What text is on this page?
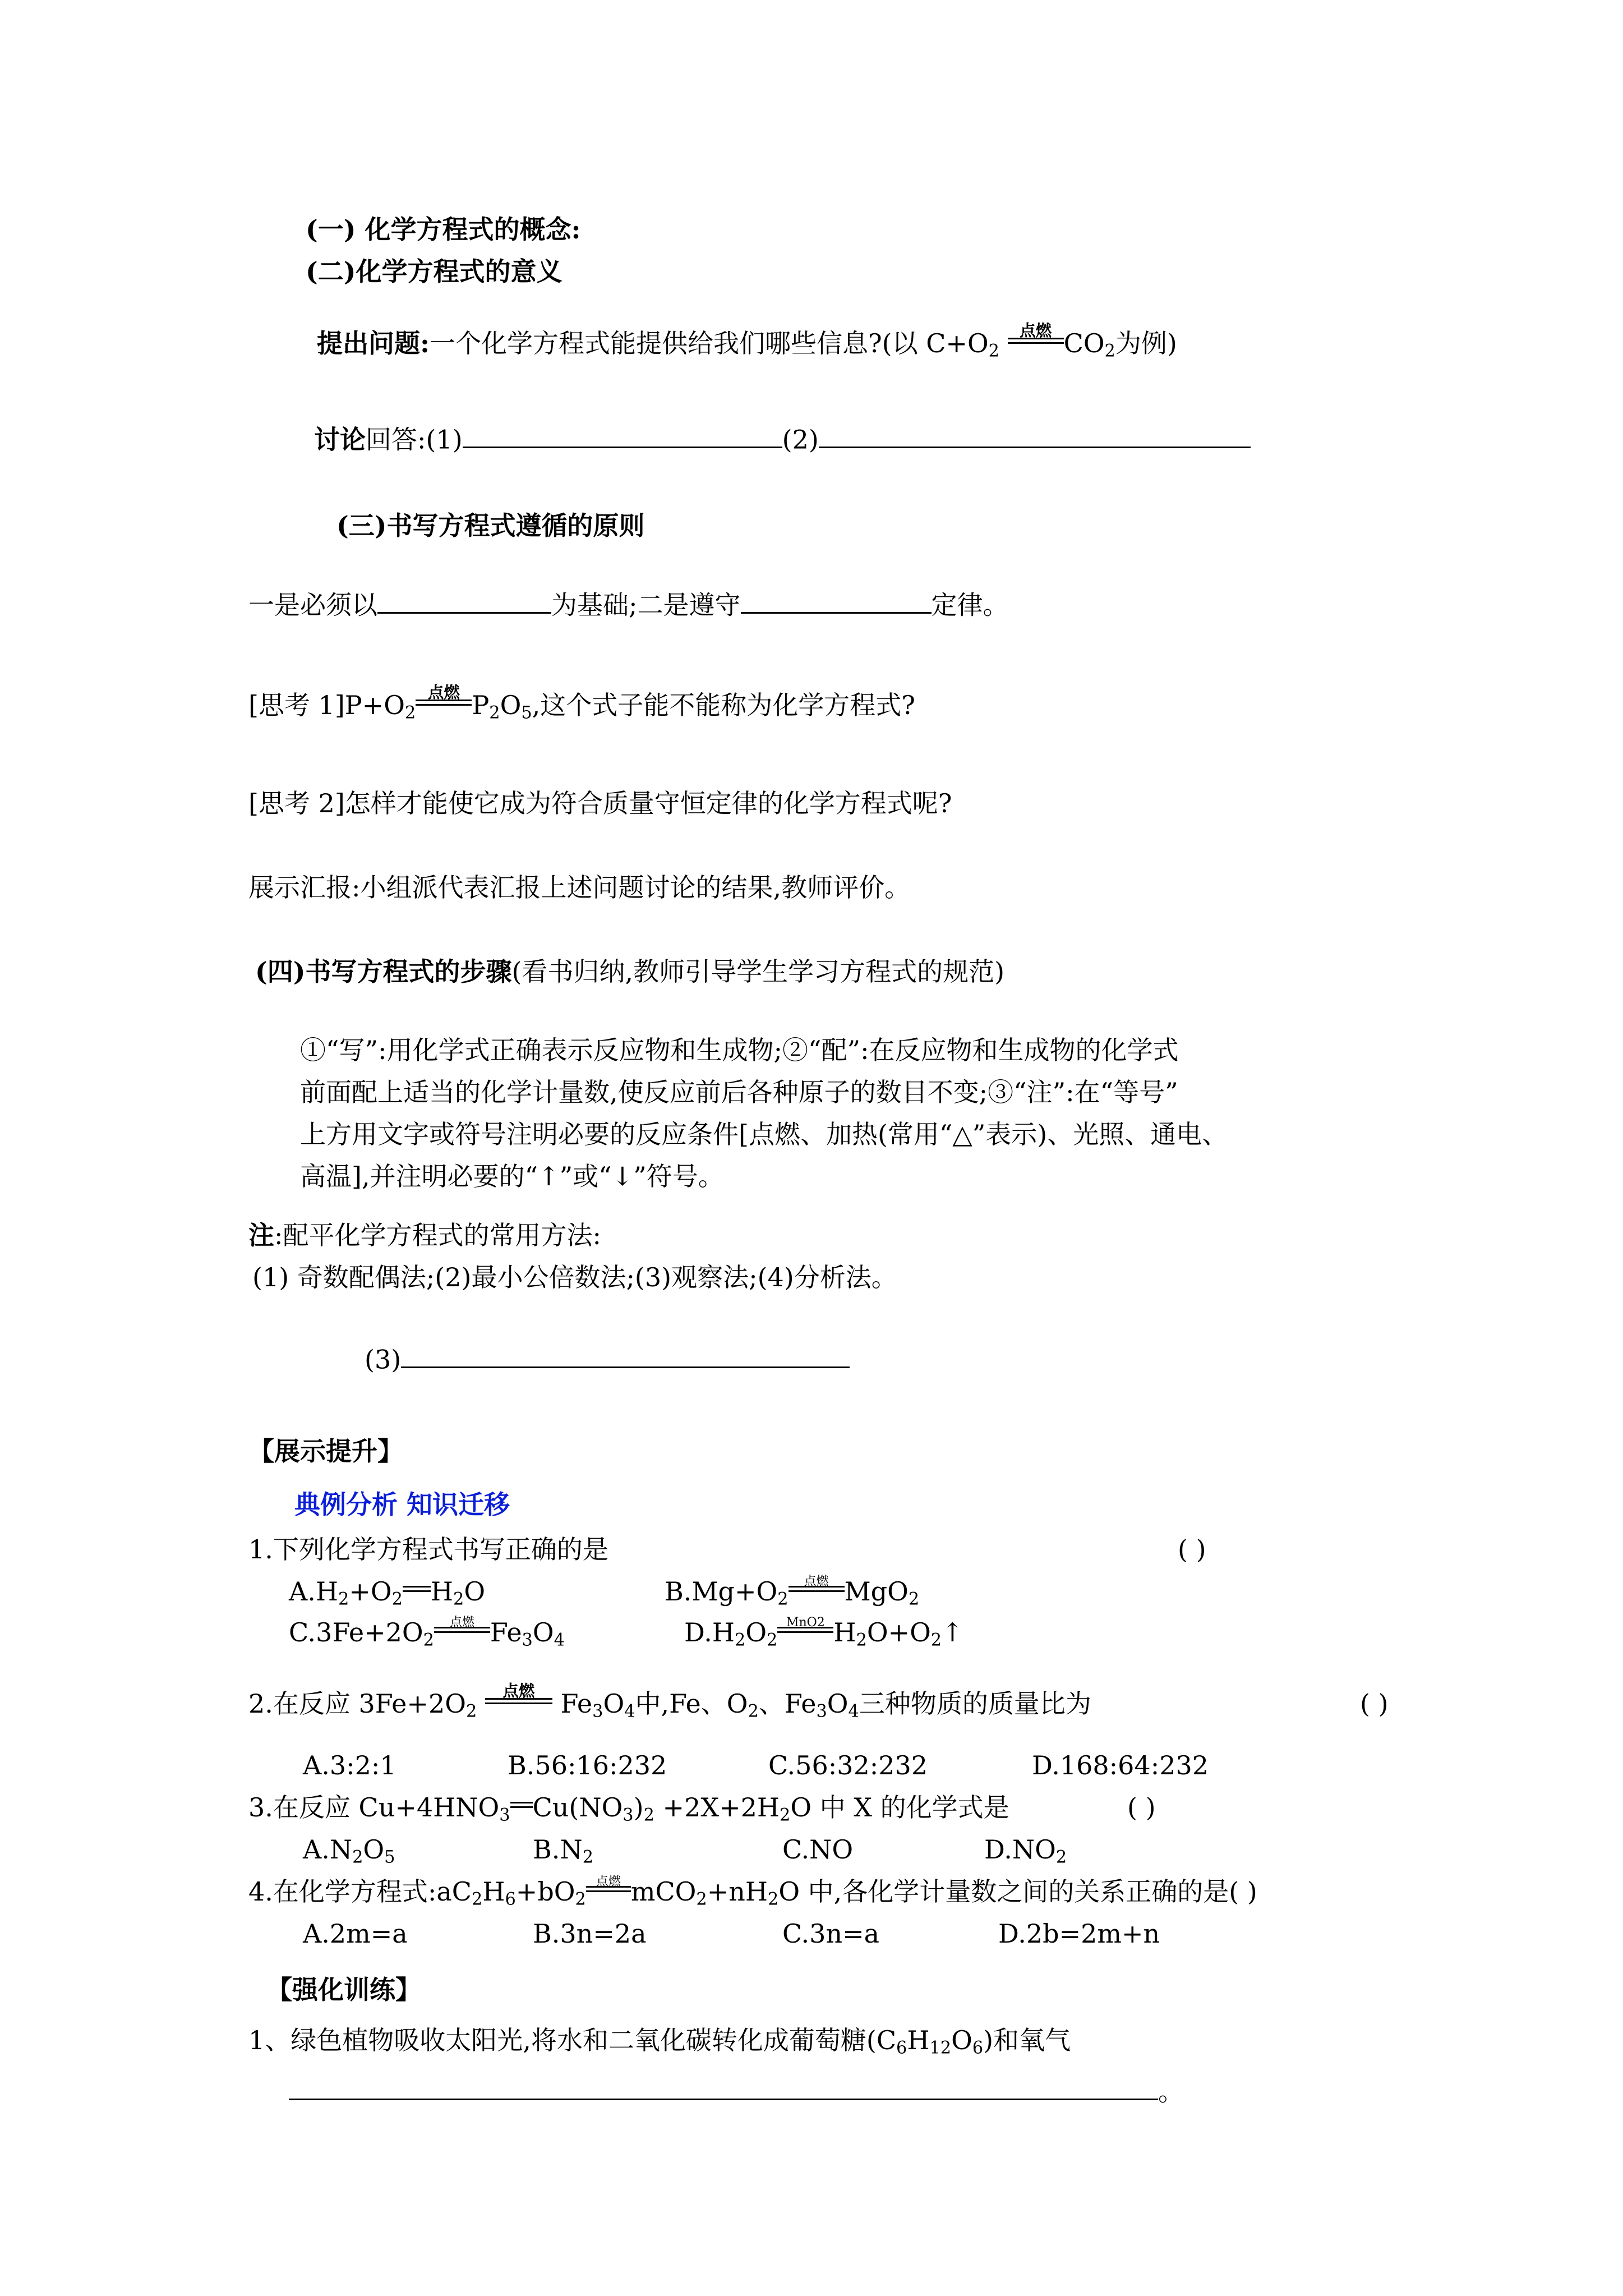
(一) 化学方程式的概念:
(二)化学方程式的意义
提出问题:一个化学方程式能提供给我们哪些信息?(以 $C+O_2$
点燃 $CO_2$为例)
讨论回答:(1)	(2)
(三)书写方程式遵循的原则
一是必须以	为基础;二是遵守	定律。
[思考 $1]P+O_2$
点燃 $P_2O_5$,这个式子能不能称为化学方程式?
[思考 2]怎样才能使它成为符合质量守恒定律的化学方程式呢?
展示汇报:小组派代表汇报上述问题讨论的结果,教师评价。
(四)书写方程式的步骤(看书归纳,教师引导学生学习方程式的规范)
①“写”:用化学式正确表示反应物和生成物;②“配”:在反应物和生成物的化学式
前面配上适当的化学计量数,使反应前后各种原子的数目不变;③“注”:在“等号”
上方用文字或符号注明必要的反应条件[点燃、加热(常用“△”表示)、光照、通电、
高温],并注明必要的“↑”或“↓”符号。
注:配平化学方程式的常用方法:
(1) 奇数配偶法;(2)最小公倍数法;(3)观察法;(4)分析法。
(3)
【展示提升】
典例分析 知识迁移
1.下列化学方程式书写正确的是	( )
$A.H_2+O_2$ $H_2O$	$B.Mg+O_2$
点燃 MgO$_2$
$C.3Fe+2O_2$
点燃 $Fe_3O_4$	$D.H_2O_2$
MnO2 $H_2O+O_2↑$
2.在反应 $3Fe+2O_2$
点燃	$Fe_3O_4$中,Fe、$O_2$、$Fe_3O_4$三种物质的质量比为	( )
A.3:2:1	B.56:16:232	C.56:32:232	D.168:64:232
3.在反应 $Cu+4HNO_3$ $Cu(NO_3)_2 +2X+2H_2O$ 中 X 的化学式是	( )
$A.N_2O_5$	$B.N_2$	C.NO	$D.NO_2$
4.在化学方程式$:aC_2H_6+bO_2$
点燃 $mCO_2+nH_2O$ 中,各化学计量数之间的关系正确的是( )
A.2m=a	B.3n=2a	C.3n=a	D.2b=2m+n
【强化训练】
1、绿色植物吸收太阳光,将水和二氧化碳转化成葡萄糖$(C_6H_{12}O_6)$和氧气
。
